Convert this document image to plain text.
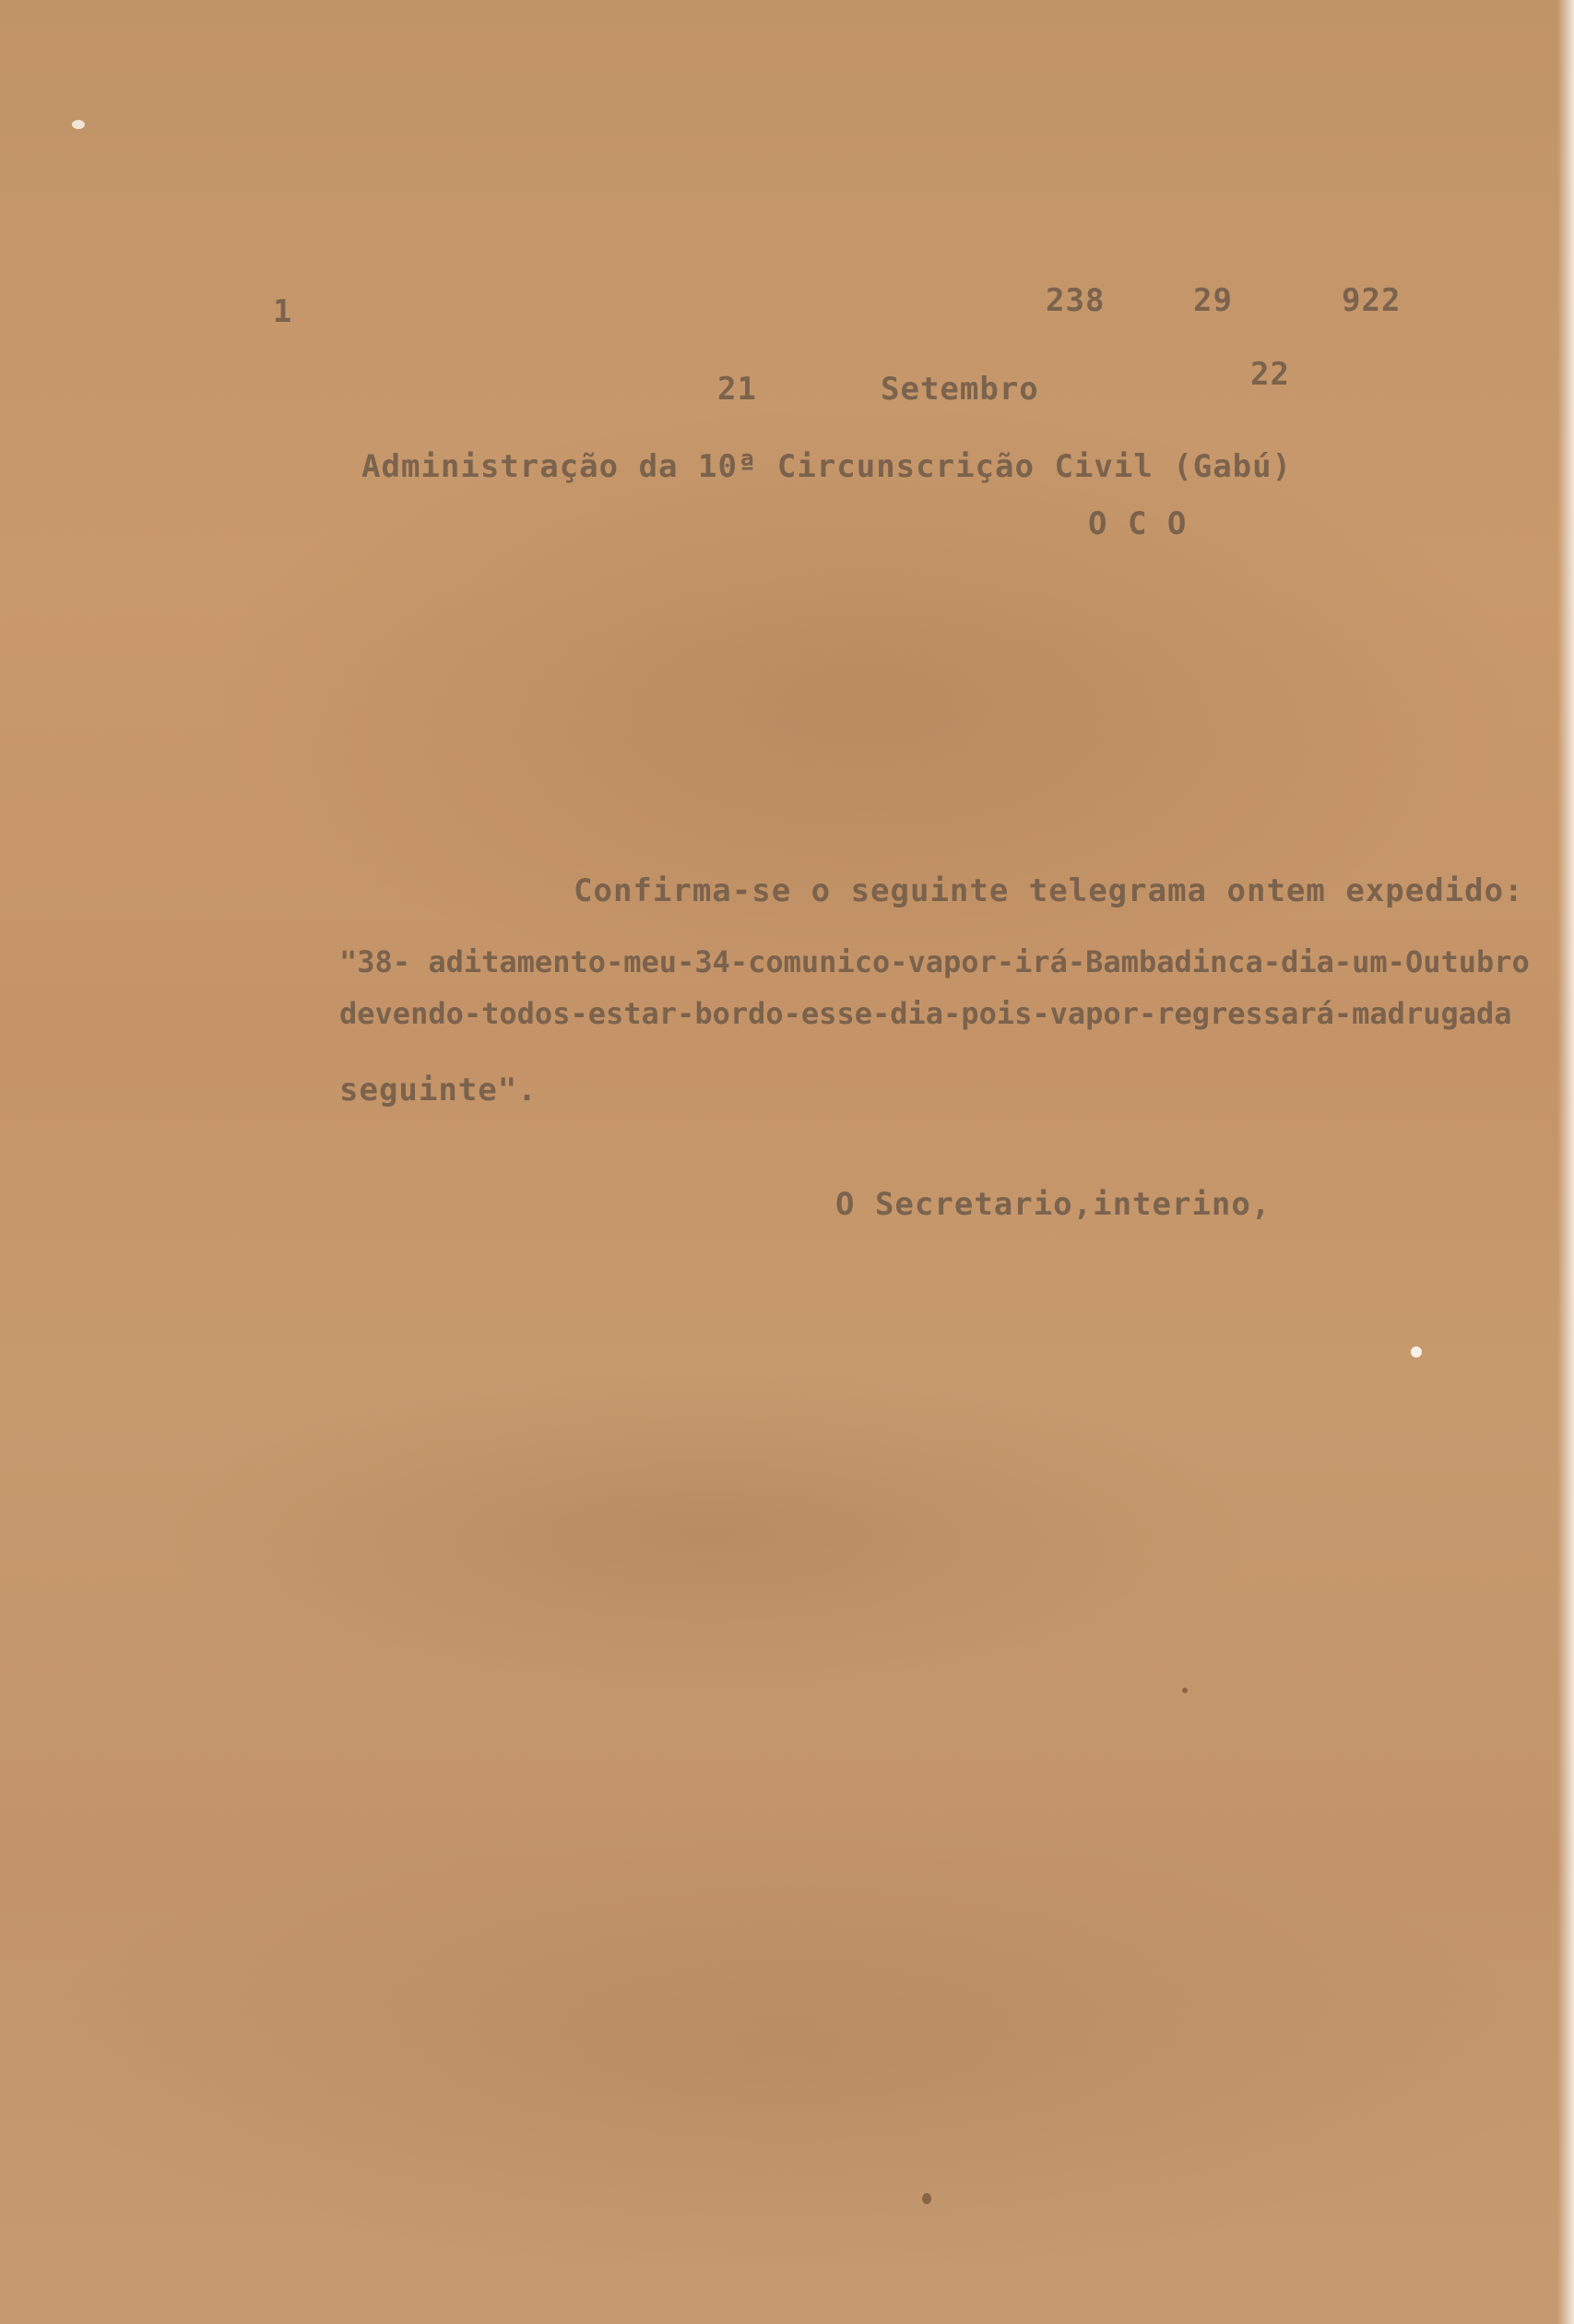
1	238	29	922
21	Setembro	22
Administração da 10ª Circunscrição Civil (Gabú)
O C O
Confirma-se o seguinte telegrama ontem expedido:
"38- aditamento-meu-34-comunico-vapor-irá-Bambadinca-dia-um-Outubro
devendo-todos-estar-bordo-esse-dia-pois-vapor-regressará-madrugada
seguinte".
O Secretario,interino,
